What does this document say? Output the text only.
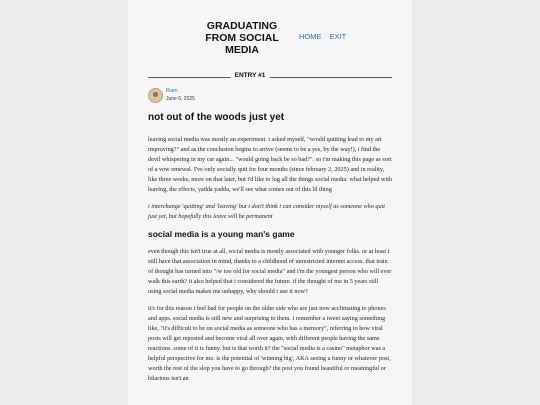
GRADUATING FROM SOCIAL MEDIA
HOME EXIT
ENTRY #1
Ram
June 6, 2025
not out of the woods just yet

leaving social media was mostly an experiment. i asked myself, "would quitting lead to my art improving?" and as the conclusion begins to arrive (seems to be a yes, by the way!), i find the devil whispering in my car again... "would going back be so bad?". so i'm making this page as sort of a vow renewal. I've only socially quit for four months (since february 2, 2025) and in reality, like three weeks, more on that later, but i'd like to log all the things social media: what helped with leaving, the effects, yadda yadda, we'll see what comes out of this lil thing

i interchange 'quitting' and 'leaving' but i don't think i can consider myself as someone who quit just yet, but hopefully this leave will be permanent

social media is a young man's game

even though this isn't true at all, social media is mostly associated with younger folks. or at least i still have that association in mind, thanks to a childhood of unrestricted internet access. that train of thought has turned into "/w too old for social media" and i'm the youngest person who will ever walk this earth? it also helped that i considered the future. if the thought of me in 5 years still using social media makes me unhappy, why should i use it now?

it's for this reason i feel bad for people on the older side who are just now acclimating to phones and apps. social media is still new and surprising to them. i remember a tweet saying something like, "it's difficult to be on social media as someone who has a memory", referring to how viral posts will get reposted and become viral all over again, with different people having the same reactions. some of it is funny. but is that worth it? the "social media is a casino" metaphor was a helpful perspective for me. is the potential of 'winning big', AKA seeing a funny or whatever post, worth the rest of the slop you have to go through? the post you found beautiful or meaningful or hilarious isn't an
